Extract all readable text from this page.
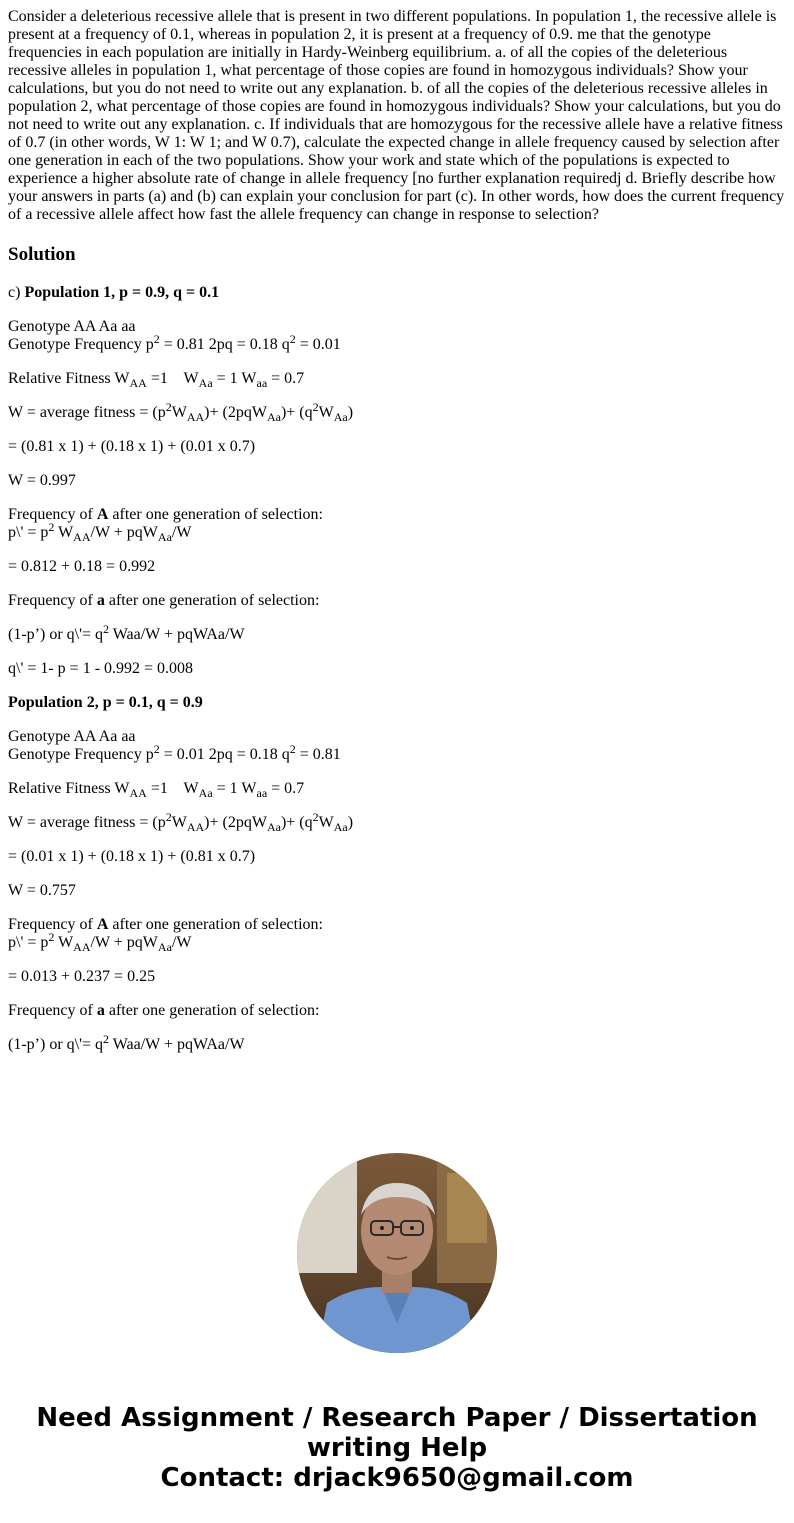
Consider a deleterious recessive allele that is present in two different populations. In population 1, the recessive allele is present at a frequency of 0.1, whereas in population 2, it is present at a frequency of 0.9. me that the genotype frequencies in each population are initially in Hardy-Weinberg equilibrium. a. of all the copies of the deleterious recessive alleles in population 1, what percentage of those copies are found in homozygous individuals? Show your calculations, but you do not need to write out any explanation. b. of all the copies of the deleterious recessive alleles in population 2, what percentage of those copies are found in homozygous individuals? Show your calculations, but you do not need to write out any explanation. c. If individuals that are homozygous for the recessive allele have a relative fitness of 0.7 (in other words, W 1: W 1; and W 0.7), calculate the expected change in allele frequency caused by selection after one generation in each of the two populations. Show your work and state which of the populations is expected to experience a higher absolute rate of change in allele frequency [no further explanation requiredj d. Briefly describe how your answers in parts (a) and (b) can explain your conclusion for part (c). In other words, how does the current frequency of a recessive allele affect how fast the allele frequency can change in response to selection?

Solution

c) Population 1, p = 0.9, q = 0.1

Genotype AA Aa aa
Genotype Frequency $p^2 = 0.81$ 2pq = 0.18 $q^2 = 0.01$

Relative Fitness $W_{AA} =1$    $W_{Aa} = 1$ $W_{aa} = 0.7$

W = average fitness = $(p^2W_{AA})+ (2pqW_{Aa})+ (q^2W_{Aa})$

= (0.81 x 1) + (0.18 x 1) + (0.01 x 0.7)

W = 0.997

Frequency of A after one generation of selection:
p\' = $p^2$ $W_{AA}/W + pqW_{Aa}/W$

= 0.812 + 0.18 = 0.992

Frequency of a after one generation of selection:

(1-p’) or q\'= $q^2$ Waa/W + pqWAa/W

q\' = 1- p = 1 - 0.992 = 0.008

Population 2, p = 0.1, q = 0.9

Genotype AA Aa aa
Genotype Frequency $p^2 = 0.01$ 2pq = 0.18 $q^2 = 0.81$

Relative Fitness $W_{AA} =1$    $W_{Aa} = 1$ $W_{aa} = 0.7$

W = average fitness = $(p^2W_{AA})+ (2pqW_{Aa})+ (q^2W_{Aa})$

= (0.01 x 1) + (0.18 x 1) + (0.81 x 0.7)

W = 0.757

Frequency of A after one generation of selection:
p\' = $p^2$ $W_{AA}/W + pqW_{Aa}/W$

= 0.013 + 0.237 = 0.25

Frequency of a after one generation of selection:

(1-p’) or q\'= $q^2$ Waa/W + pqWAa/W

Need Assignment / Research Paper / Dissertation
writing Help
Contact: drjack9650@gmail.com
